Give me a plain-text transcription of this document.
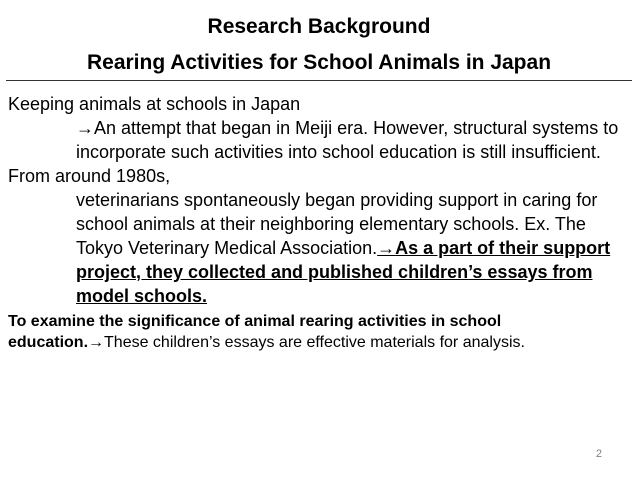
Research Background
Rearing Activities for School Animals in Japan

Keeping animals at schools in Japan

→An attempt that began in Meiji era. However, structural systems to incorporate such activities into school education is still insufficient.

From around 1980s,

veterinarians spontaneously began providing support in caring for school animals at their neighboring elementary schools. Ex. The Tokyo Veterinary Medical Association.→As a part of their support project, they collected and published children’s essays from model schools.

To examine the significance of animal rearing activities in school education.→These children’s essays are effective materials for analysis.

2
